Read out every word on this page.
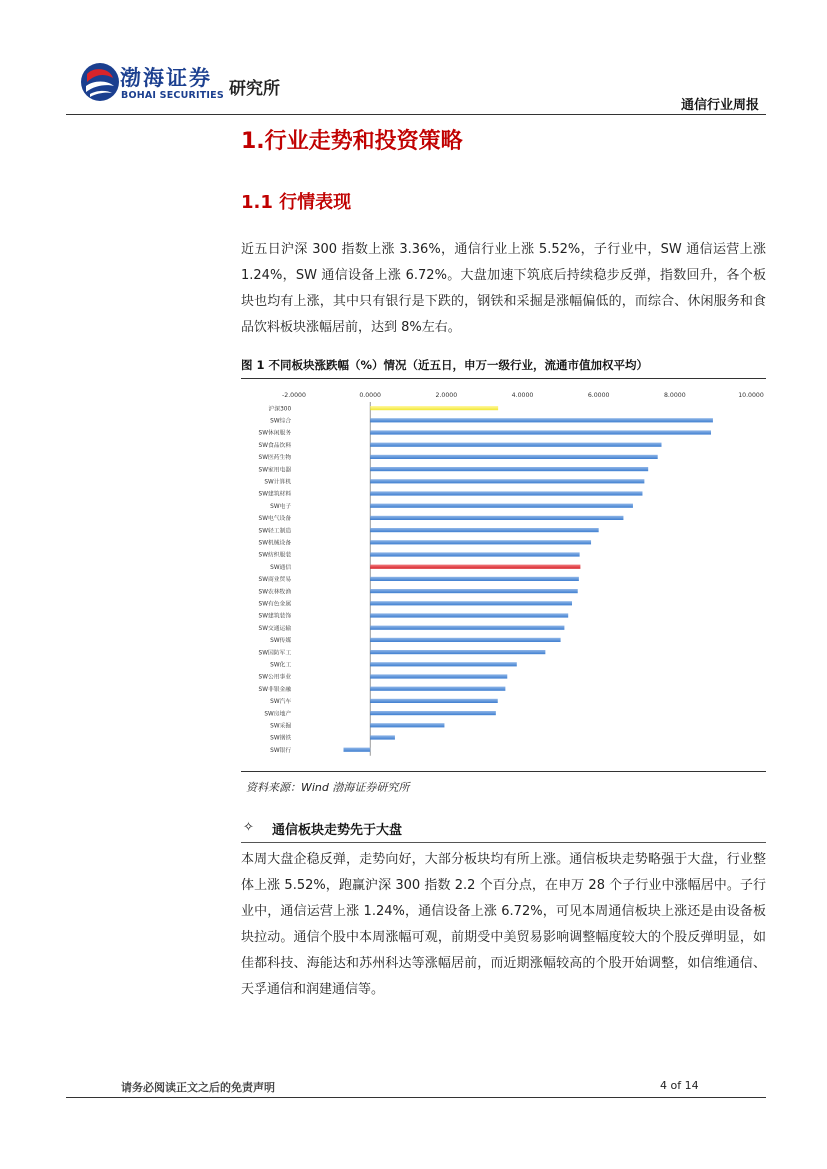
渤海证券
BOHAI SECURITIES 研究所
通信行业周报
1.行业走势和投资策略
1.1 行情表现
近五日沪深 300 指数上涨 3.36%，通信行业上涨 5.52%，子行业中，SW 通信运营上涨 1.24%，SW 通信设备上涨 6.72%。大盘加速下筑底后持续稳步反弹，指数回升，各个板块也均有上涨，其中只有银行是下跌的，钢铁和采掘是涨幅偏低的，而综合、休闲服务和食品饮料板块涨幅居前，达到 8%左右。
图 1 不同板块涨跌幅（%）情况（近五日，申万一级行业，流通市值加权平均）
-2.0000	0.0000	2.0000	4.0000	6.0000	8.0000	10.0000
沪深300
SW综合
SW休闲服务
SW食品饮料
SW医药生物
SW家用电器
SW计算机
SW建筑材料
SW电子
SW电气设备
SW轻工制造
SW机械设备
SW纺织服装
SW通信
SW商业贸易
SW农林牧渔
SW有色金属
SW建筑装饰
SW交通运输
SW传媒
SW国防军工
SW化工
SW公用事业
SW非银金融
SW汽车
SW房地产
SW采掘
SW钢铁
SW银行
资料来源：Wind 渤海证券研究所
✧ 通信板块走势先于大盘
本周大盘企稳反弹，走势向好，大部分板块均有所上涨。通信板块走势略强于大盘，行业整体上涨 5.52%，跑赢沪深 300 指数 2.2 个百分点，在申万 28 个子行业中涨幅居中。子行业中，通信运营上涨 1.24%，通信设备上涨 6.72%，可见本周通信板块上涨还是由设备板块拉动。通信个股中本周涨幅可观，前期受中美贸易影响调整幅度较大的个股反弹明显，如佳都科技、海能达和苏州科达等涨幅居前，而近期涨幅较高的个股开始调整，如信维通信、天孚通信和润建通信等。
请务必阅读正文之后的免责声明	4 of 14
